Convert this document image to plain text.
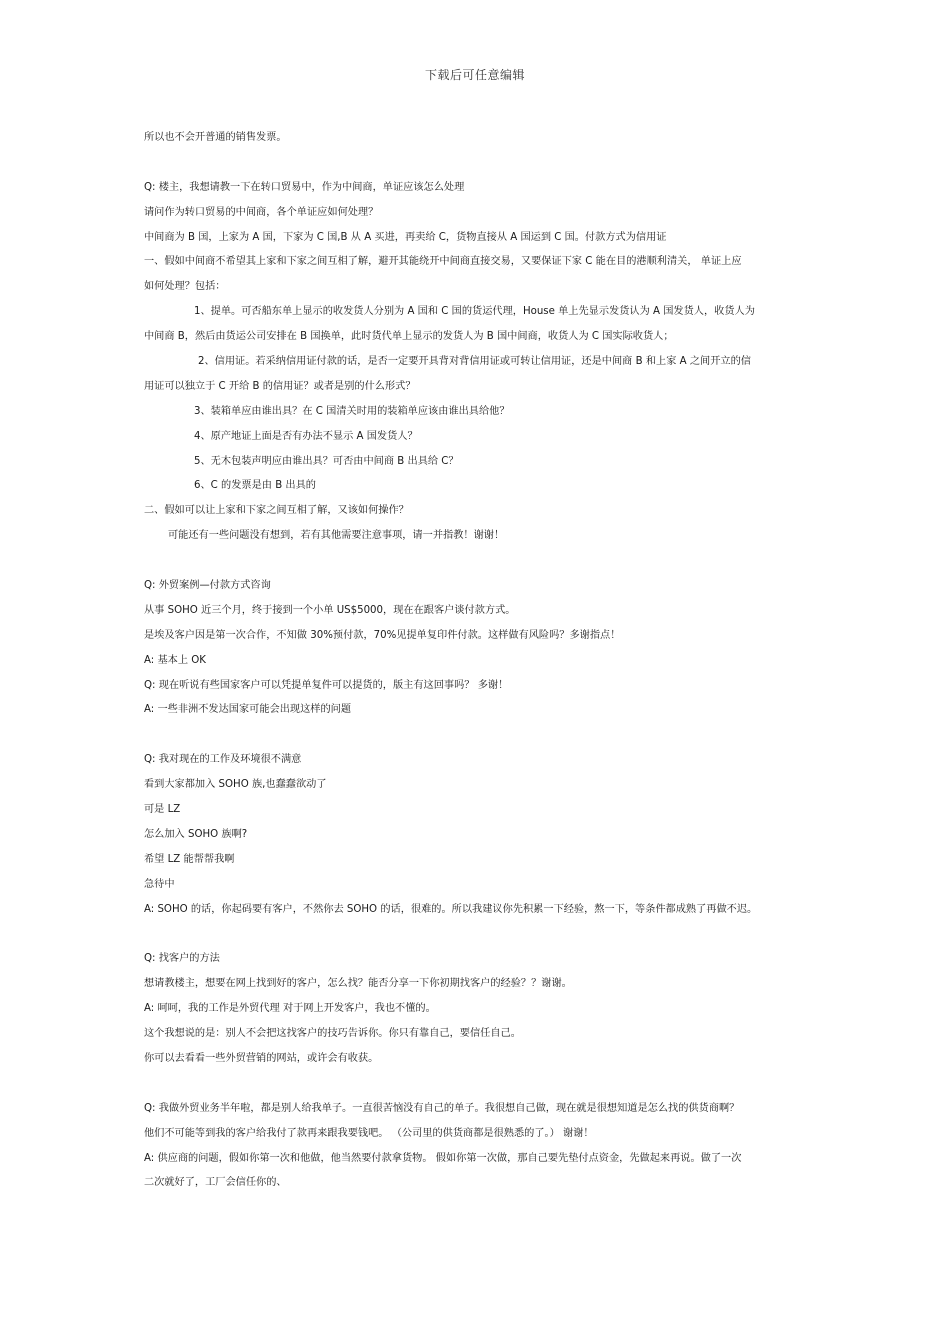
下载后可任意编辑
所以也不会开普通的销售发票。
Q: 楼主，我想请教一下在转口贸易中，作为中间商，单证应该怎么处理
请问作为转口贸易的中间商，各个单证应如何处理？
中间商为 B 国，上家为 A 国，下家为 C 国,B 从 A 买进，再卖给 C，货物直接从 A 国运到 C 国。付款方式为信用证
一、假如中间商不希望其上家和下家之间互相了解，避开其能绕开中间商直接交易，又要保证下家 C 能在目的港顺利清关， 单证上应
如何处理？包括：
1、提单。可否船东单上显示的收发货人分别为 A 国和 C 国的货运代理，House 单上先显示发货认为 A 国发货人，收货人为
中间商 B，然后由货运公司安排在 B 国换单，此时货代单上显示的发货人为 B 国中间商，收货人为 C 国实际收货人；
2、信用证。若采纳信用证付款的话，是否一定要开具背对背信用证或可转让信用证，还是中间商 B 和上家 A 之间开立的信
用证可以独立于 C 开给 B 的信用证？或者是别的什么形式？
3、装箱单应由谁出具？在 C 国清关时用的装箱单应该由谁出具给他？
4、原产地证上面是否有办法不显示 A 国发货人？
5、无木包装声明应由谁出具？可否由中间商 B 出具给 C？
6、C 的发票是由 B 出具的
二、假如可以让上家和下家之间互相了解，又该如何操作？
可能还有一些问题没有想到，若有其他需要注意事项，请一并指教！谢谢！
Q: 外贸案例—付款方式咨询
从事 SOHO 近三个月，终于接到一个小单 US$5000，现在在跟客户谈付款方式。
是埃及客户因是第一次合作，不知做 30%预付款，70%见提单复印件付款。这样做有风险吗？多谢指点！
A: 基本上 OK
Q: 现在听说有些国家客户可以凭提单复件可以提货的，版主有这回事吗？ 多谢！
A: 一些非洲不发达国家可能会出现这样的问题
Q: 我对现在的工作及环境很不满意
看到大家都加入 SOHO 族,也蠢蠢欲动了
可是 LZ
怎么加入 SOHO 族啊?
希望 LZ 能帮帮我啊
急待中
A: SOHO 的话，你起码要有客户，不然你去 SOHO 的话，很难的。所以我建议你先积累一下经验，熬一下，等条件都成熟了再做不迟。
Q: 找客户的方法
想请教楼主，想要在网上找到好的客户，怎么找？能否分享一下你初期找客户的经验？？谢谢。
A: 呵呵，我的工作是外贸代理 对于网上开发客户，我也不懂的。
这个我想说的是：别人不会把这找客户的技巧告诉你。你只有靠自己，要信任自己。
你可以去看看一些外贸营销的网站，或许会有收获。
Q: 我做外贸业务半年啦，都是别人给我单子。一直很苦恼没有自己的单子。我很想自己做，现在就是很想知道是怎么找的供货商啊？
他们不可能等到我的客户给我付了款再来跟我要钱吧。 （公司里的供货商都是很熟悉的了。） 谢谢！
A: 供应商的问题，假如你第一次和他做，他当然要付款拿货物。 假如你第一次做，那自己要先垫付点资金，先做起来再说。做了一次
二次就好了，工厂会信任你的、
